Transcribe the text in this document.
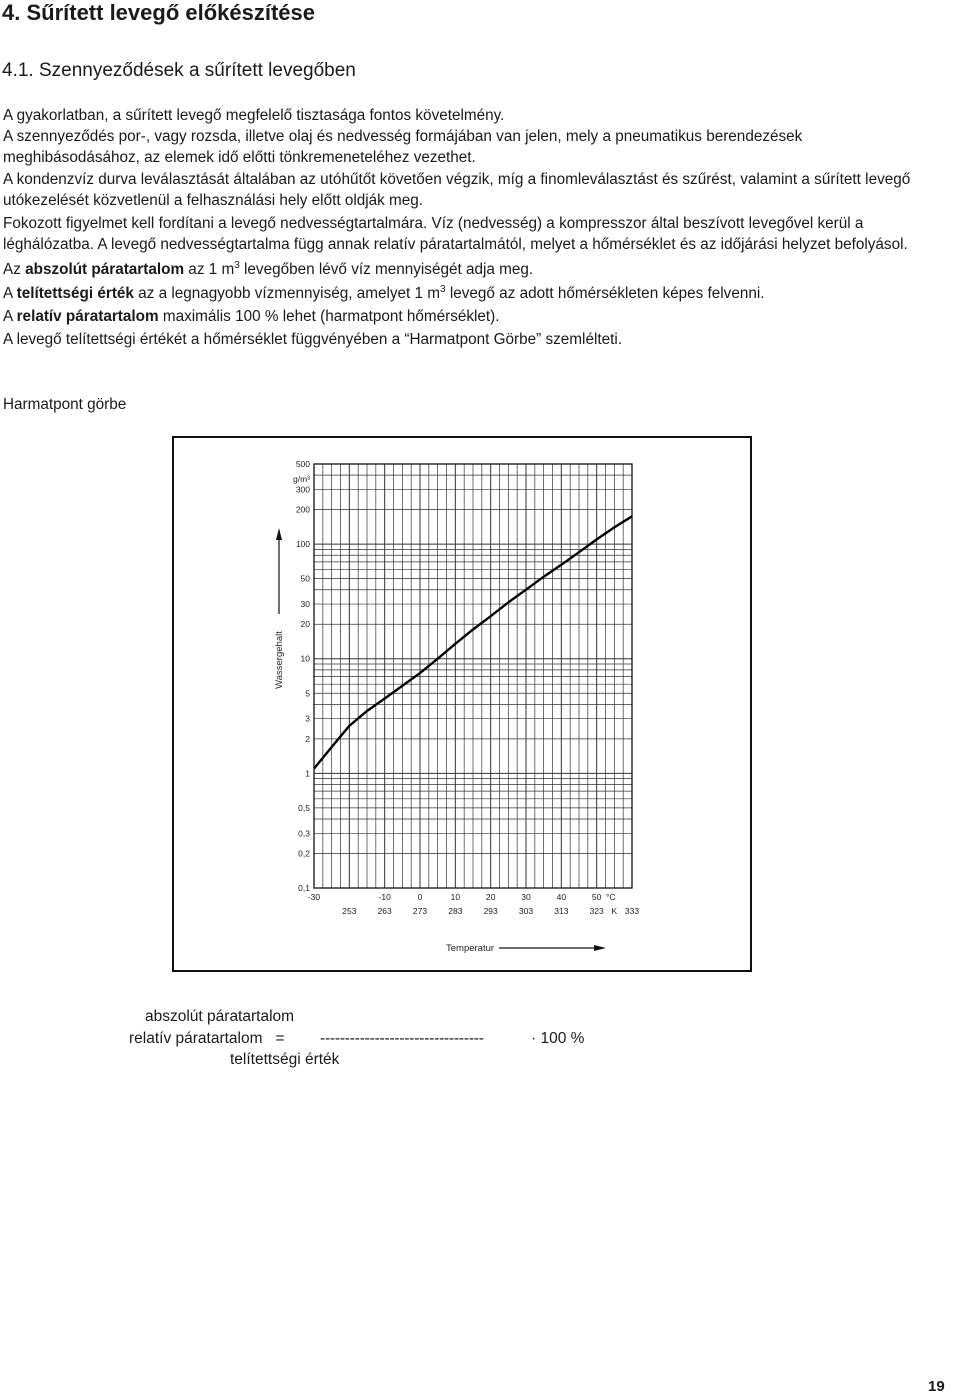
4. Sűrített levegő előkészítése
4.1. Szennyeződések a sűrített levegőben

A gyakorlatban, a sűrített levegő megfelelő tisztasága fontos követelmény.

A szennyeződés por-, vagy rozsda, illetve olaj és nedvesség formájában van jelen, mely a pneumatikus berendezések meghibásodásához, az elemek idő előtti tönkremeneteléhez vezethet.

A kondenzvíz durva leválasztását általában az utóhűtőt követően végzik, míg a finomleválasztást és szűrést, valamint a sűrített levegő utókezelését közvetlenül a felhasználási hely előtt oldják meg.

Fokozott figyelmet kell fordítani a levegő nedvességtartalmára. Víz (nedvesség) a kompresszor által beszívott levegővel kerül a léghálózatba. A levegő nedvességtartalma függ annak relatív páratartalmától, melyet a hőmérséklet és az időjárási helyzet befolyásol.

Az abszolút páratartalom az 1 $m^3$ levegőben lévő víz mennyiségét adja meg.

A telítettségi érték az a legnagyobb vízmennyiség, amelyet 1 $m^3$ levegő az adott hőmérsékleten képes felvenni.

A relatív páratartalom maximális 100 % lehet (harmatpont hőmérséklet).

A levegő telítettségi értékét a hőmérséklet függvényében a “Harmatpont Görbe” szemlélteti.

Harmatpont görbe
500
300
200
100
50
30
20
10
5
3
2
1
0,5
0,3
0,2
0,1
g/m³
-30	-10	0	10	20	30	40	50 °C
253 263 273 283 293 303 313 323 333
K
Wassergehalt
Temperatur
abszolút páratartalom
relatív páratartalom   = ---------------------------------	· 100 %
telítettségi érték
19
